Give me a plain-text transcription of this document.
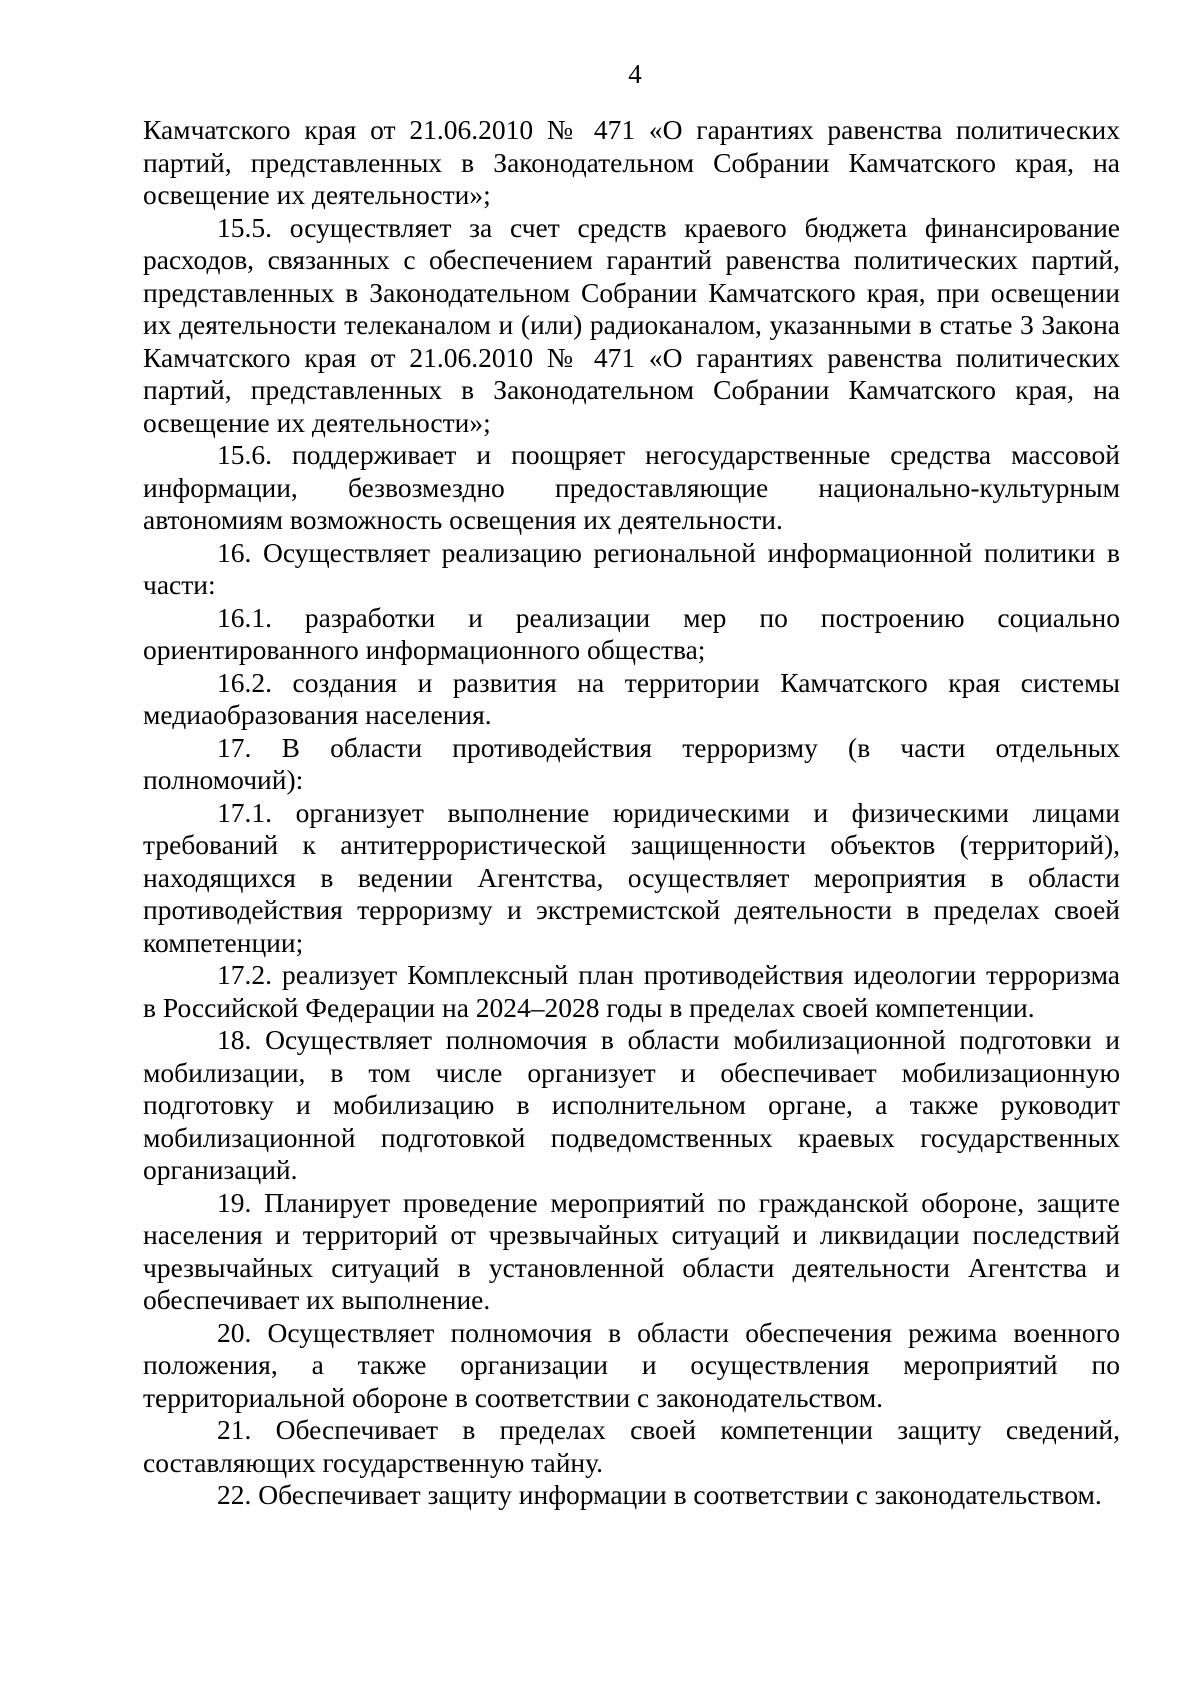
4

Камчатского края от 21.06.2010 № 471 «О гарантиях равенства политических партий, представленных в Законодательном Собрании Камчатского края, на освещение их деятельности»;

15.5. осуществляет за счет средств краевого бюджета финансирование расходов, связанных с обеспечением гарантий равенства политических партий, представленных в Законодательном Собрании Камчатского края, при освещении их деятельности телеканалом и (или) радиоканалом, указанными в статье 3 Закона Камчатского края от 21.06.2010 № 471 «О гарантиях равенства политических партий, представленных в Законодательном Собрании Камчатского края, на освещение их деятельности»;

15.6. поддерживает и поощряет негосударственные средства массовой информации, безвозмездно предоставляющие национально-культурным автономиям возможность освещения их деятельности.

16. Осуществляет реализацию региональной информационной политики в части:

16.1. разработки и реализации мер по построению социально ориентированного информационного общества;

16.2. создания и развития на территории Камчатского края системы медиаобразования населения.

17. В области противодействия терроризму (в части отдельных полномочий):

17.1. организует выполнение юридическими и физическими лицами требований к антитеррористической защищенности объектов (территорий), находящихся в ведении Агентства, осуществляет мероприятия в области противодействия терроризму и экстремистской деятельности в пределах своей компетенции;

17.2. реализует Комплексный план противодействия идеологии терроризма в Российской Федерации на 2024–2028 годы в пределах своей компетенции.

18. Осуществляет полномочия в области мобилизационной подготовки и мобилизации, в том числе организует и обеспечивает мобилизационную подготовку и мобилизацию в исполнительном органе, а также руководит мобилизационной подготовкой подведомственных краевых государственных организаций.

19. Планирует проведение мероприятий по гражданской обороне, защите населения и территорий от чрезвычайных ситуаций и ликвидации последствий чрезвычайных ситуаций в установленной области деятельности Агентства и обеспечивает их выполнение.

20. Осуществляет полномочия в области обеспечения режима военного положения, а также организации и осуществления мероприятий по территориальной обороне в соответствии с законодательством.

21. Обеспечивает в пределах своей компетенции защиту сведений, составляющих государственную тайну.

22. Обеспечивает защиту информации в соответствии с законодательством.
